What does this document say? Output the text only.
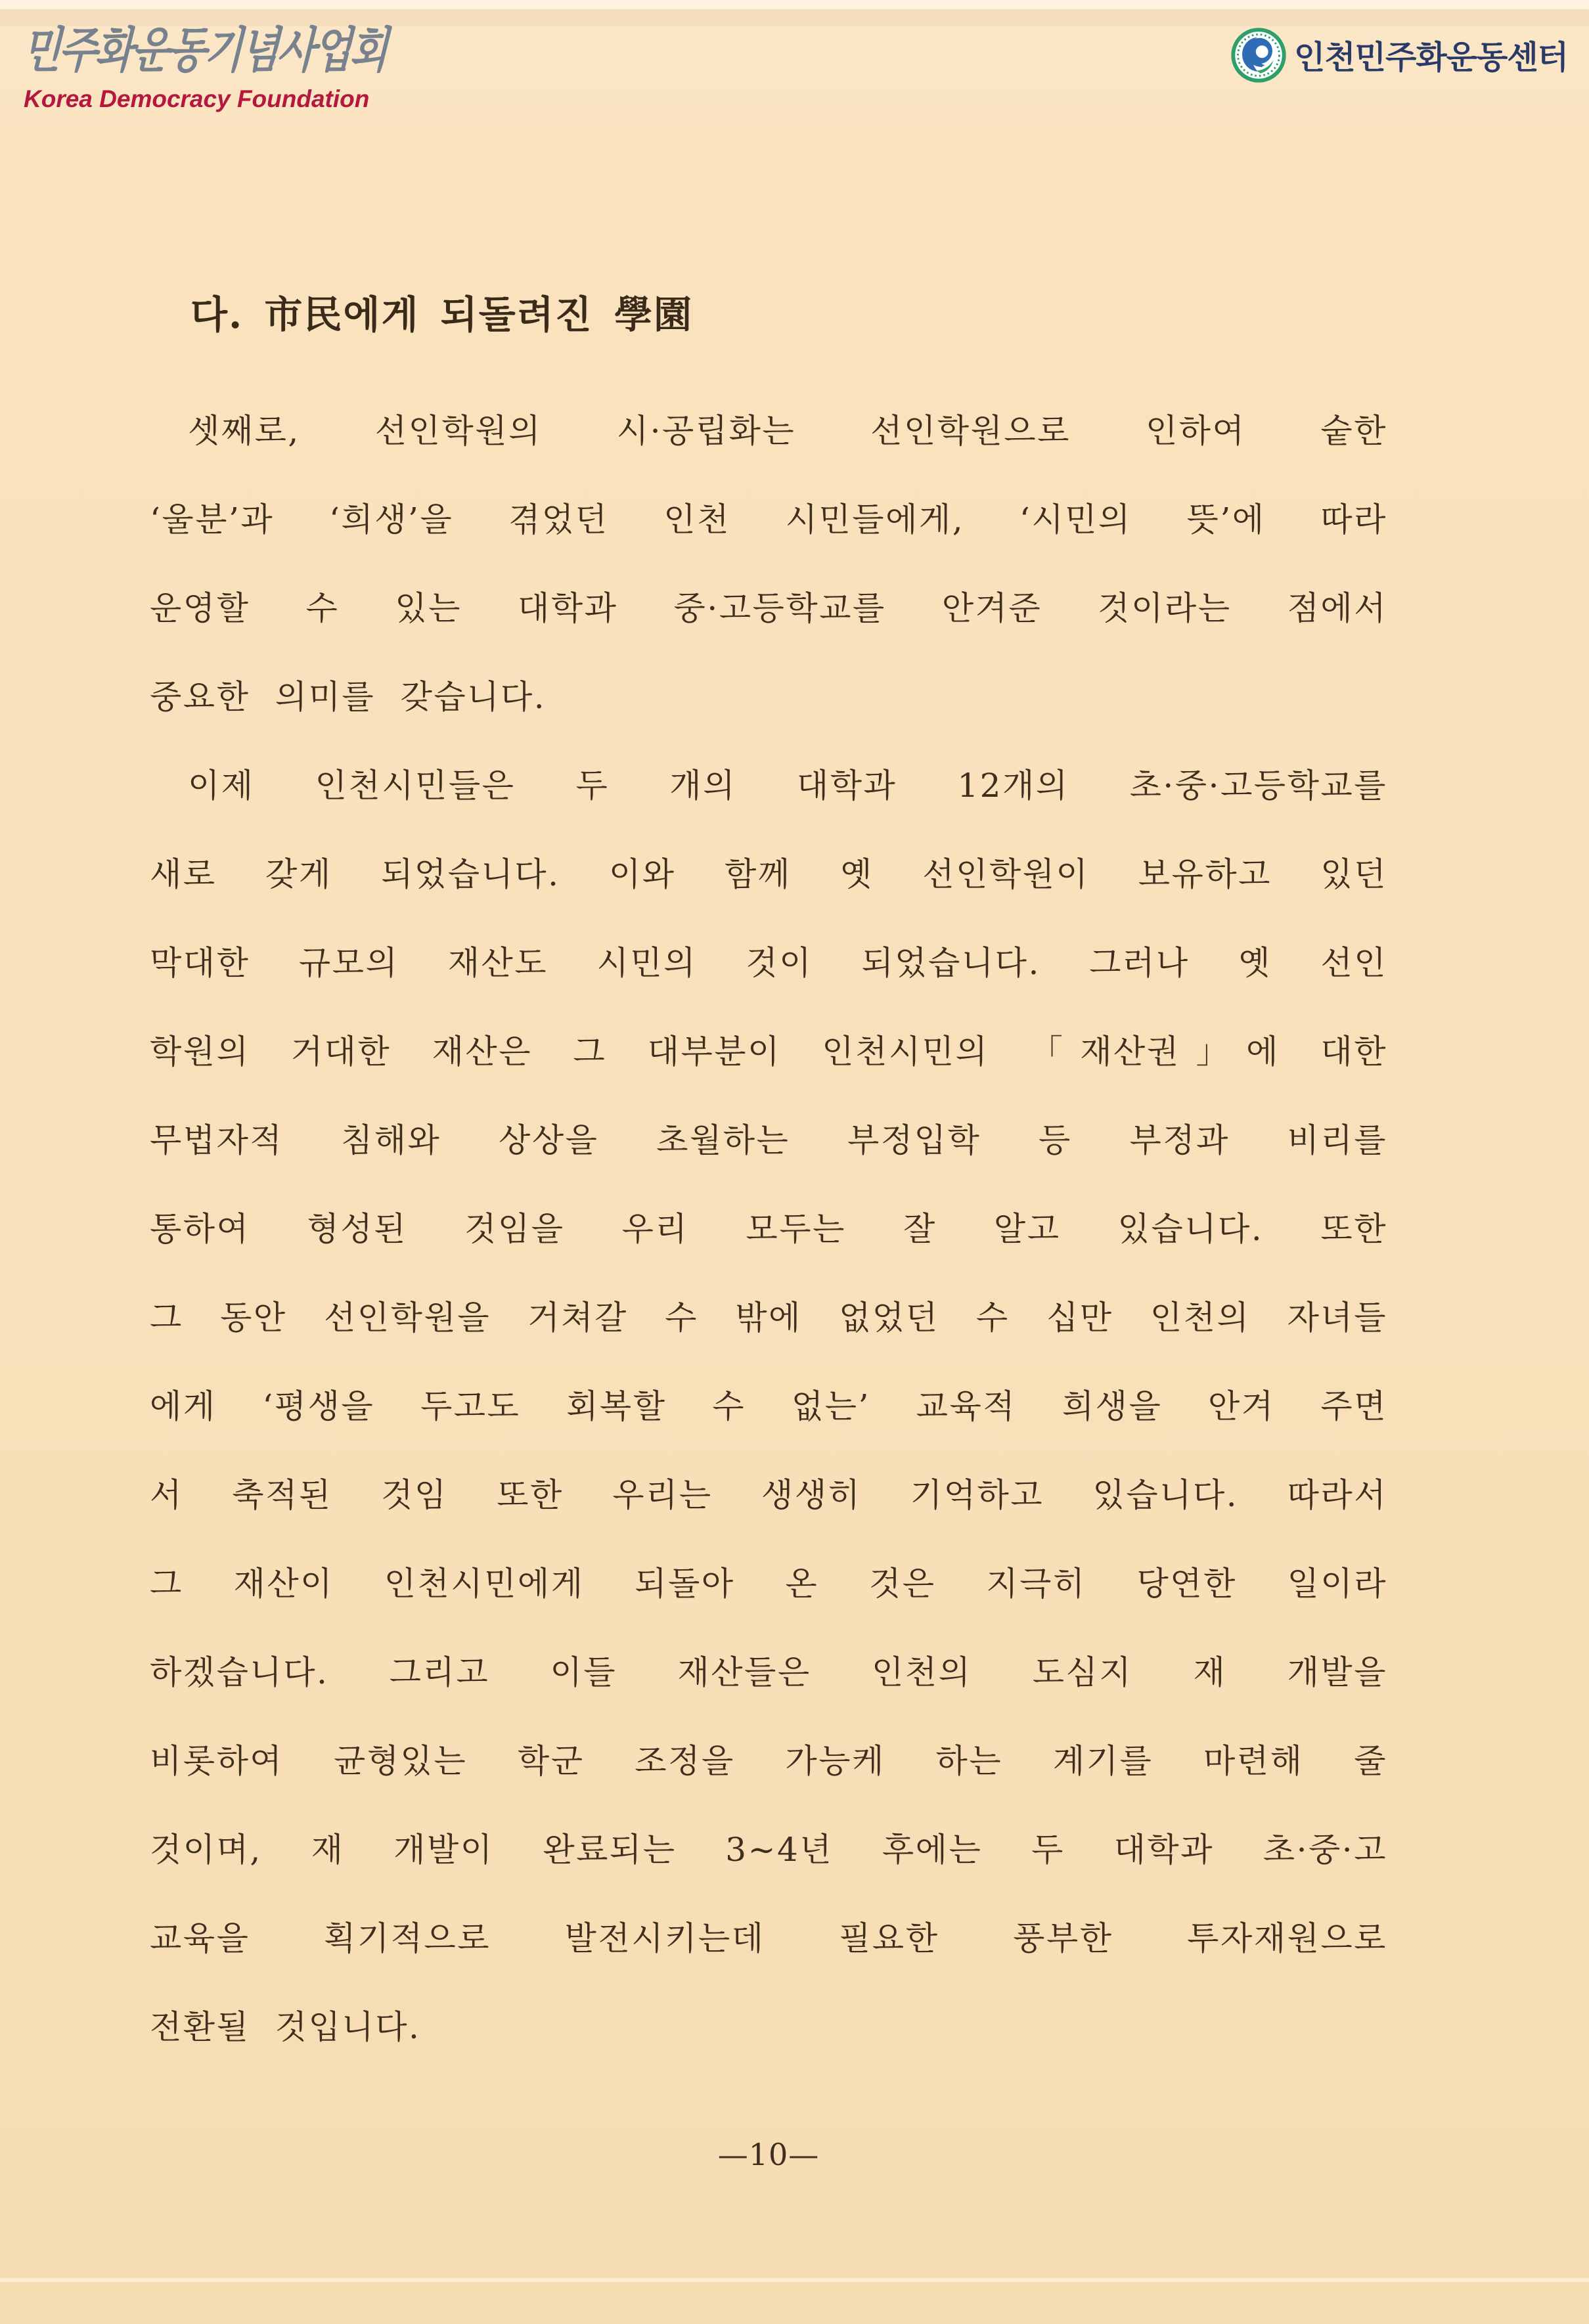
민주화운동기념사업회
Korea Democracy Foundation
인천민주화운동센터
다. 市民에게 되돌려진 學園
셋째로, 선인학원의 시·공립화는 선인학원으로 인하여 숱한
‘울분’과 ‘희생’을 겪었던 인천 시민들에게, ‘시민의 뜻’에 따라
운영할 수 있는 대학과 중·고등학교를 안겨준 것이라는 점에서
중요한 의미를 갖습니다.
이제 인천시민들은 두 개의 대학과 12개의 초·중·고등학교를
새로 갖게 되었습니다. 이와 함께 옛 선인학원이 보유하고 있던
막대한 규모의 재산도 시민의 것이 되었습니다. 그러나 옛 선인
학원의 거대한 재산은 그 대부분이 인천시민의 「재산권」에 대한
무법자적 침해와 상상을 초월하는 부정입학 등 부정과 비리를
통하여 형성된 것임을 우리 모두는 잘 알고 있습니다. 또한
그 동안 선인학원을 거쳐갈 수 밖에 없었던 수 십만 인천의 자녀들
에게 ‘평생을 두고도 회복할 수 없는’ 교육적 희생을 안겨 주면
서 축적된 것임 또한 우리는 생생히 기억하고 있습니다. 따라서
그 재산이 인천시민에게 되돌아 온 것은 지극히 당연한 일이라
하겠습니다. 그리고 이들 재산들은 인천의 도심지 재 개발을
비롯하여 균형있는 학군 조정을 가능케 하는 계기를 마련해 줄
것이며, 재 개발이 완료되는 3~4년 후에는 두 대학과 초·중·고
교육을 획기적으로 발전시키는데 필요한 풍부한 투자재원으로
전환될 것입니다.
—10—
